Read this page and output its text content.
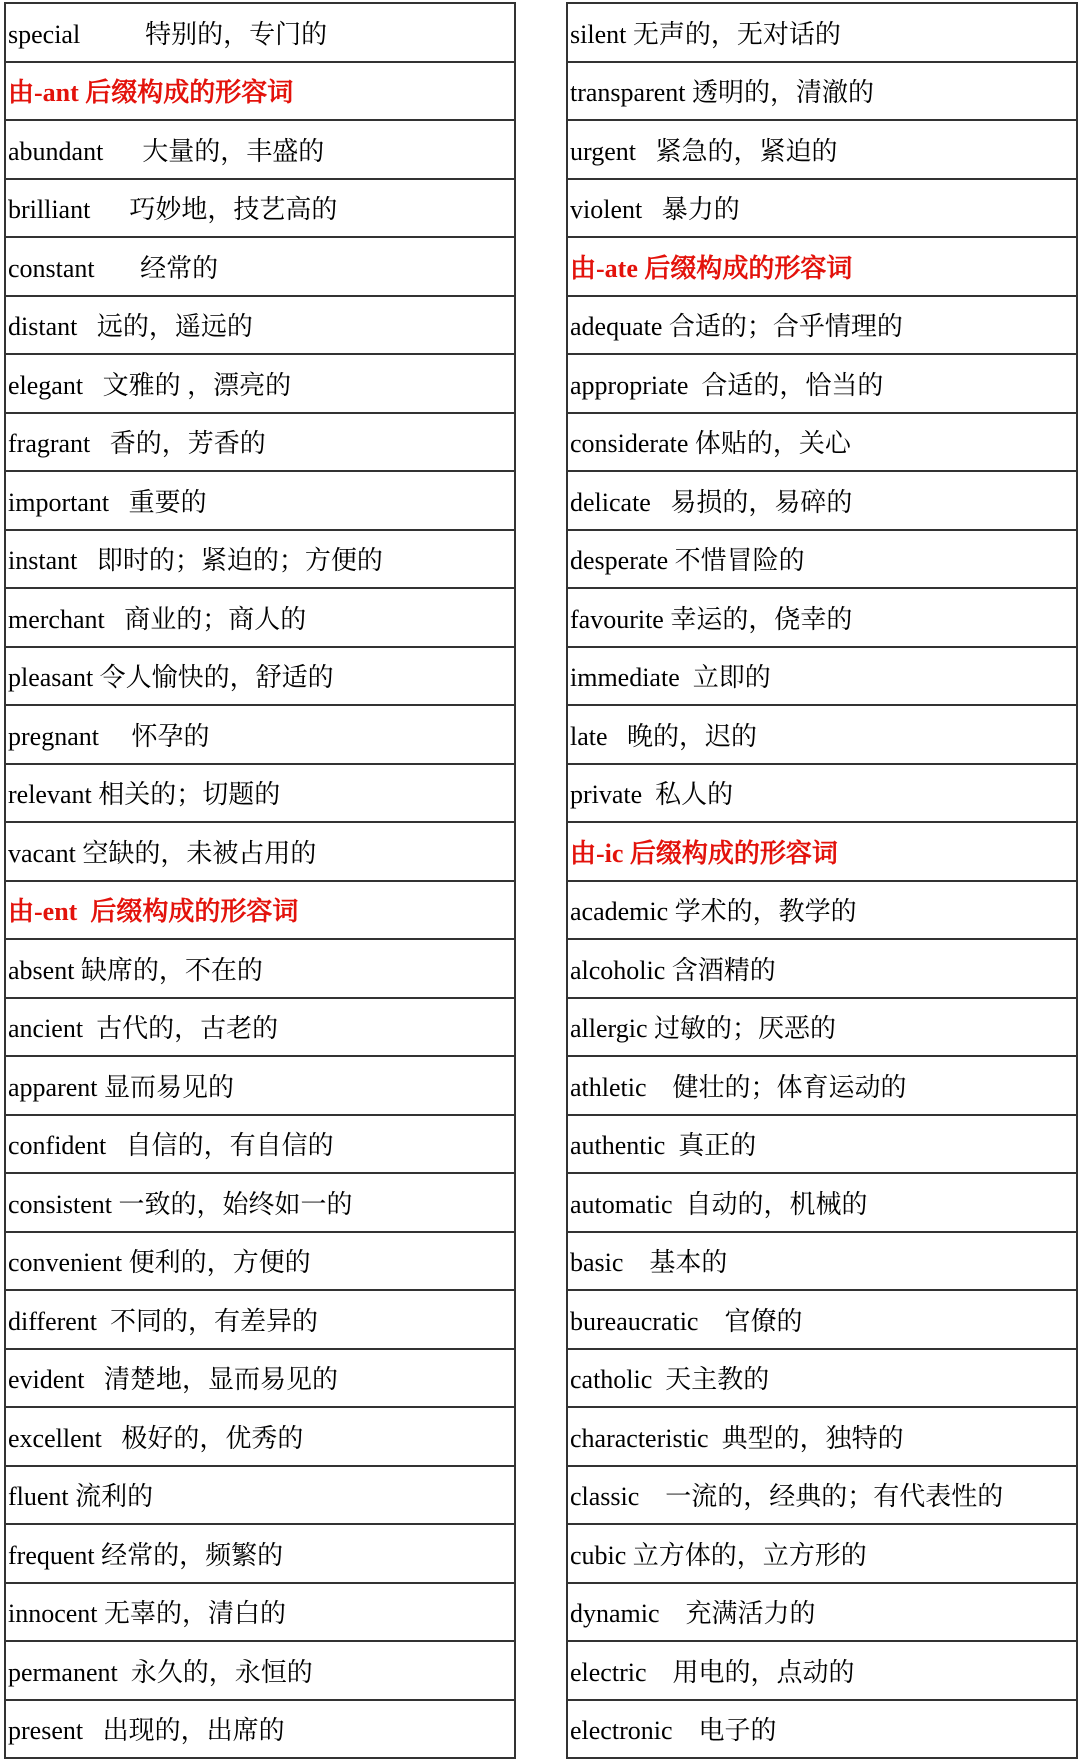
special          特别的，专门的
由-ant 后缀构成的形容词
abundant      大量的，丰盛的
brilliant      巧妙地，技艺高的
constant       经常的
distant   远的，遥远的
elegant   文雅的 ，漂亮的
fragrant   香的，芳香的
important   重要的
instant   即时的；紧迫的；方便的
merchant   商业的；商人的
pleasant 令人愉快的，舒适的
pregnant     怀孕的
relevant 相关的；切题的
vacant 空缺的，未被占用的
由-ent  后缀构成的形容词
absent 缺席的，不在的
ancient  古代的，古老的
apparent 显而易见的
confident   自信的，有自信的
consistent 一致的，始终如一的
convenient 便利的，方便的
different  不同的，有差异的
evident   清楚地，显而易见的
excellent   极好的，优秀的
fluent 流利的
frequent 经常的，频繁的
innocent 无辜的，清白的
permanent  永久的，永恒的
present   出现的，出席的
silent 无声的，无对话的
transparent 透明的，清澈的
urgent   紧急的，紧迫的
violent   暴力的
由-ate 后缀构成的形容词
adequate 合适的；合乎情理的
appropriate  合适的，恰当的
considerate 体贴的，关心
delicate   易损的，易碎的
desperate 不惜冒险的
favourite 幸运的，侥幸的
immediate  立即的
late   晚的，迟的
private  私人的
由-ic 后缀构成的形容词
academic 学术的，教学的
alcoholic 含酒精的
allergic 过敏的；厌恶的
athletic    健壮的；体育运动的
authentic  真正的
automatic  自动的，机械的
basic    基本的
bureaucratic    官僚的
catholic  天主教的
characteristic  典型的，独特的
classic    一流的，经典的；有代表性的
cubic 立方体的，立方形的
dynamic    充满活力的
electric    用电的，点动的
electronic    电子的
